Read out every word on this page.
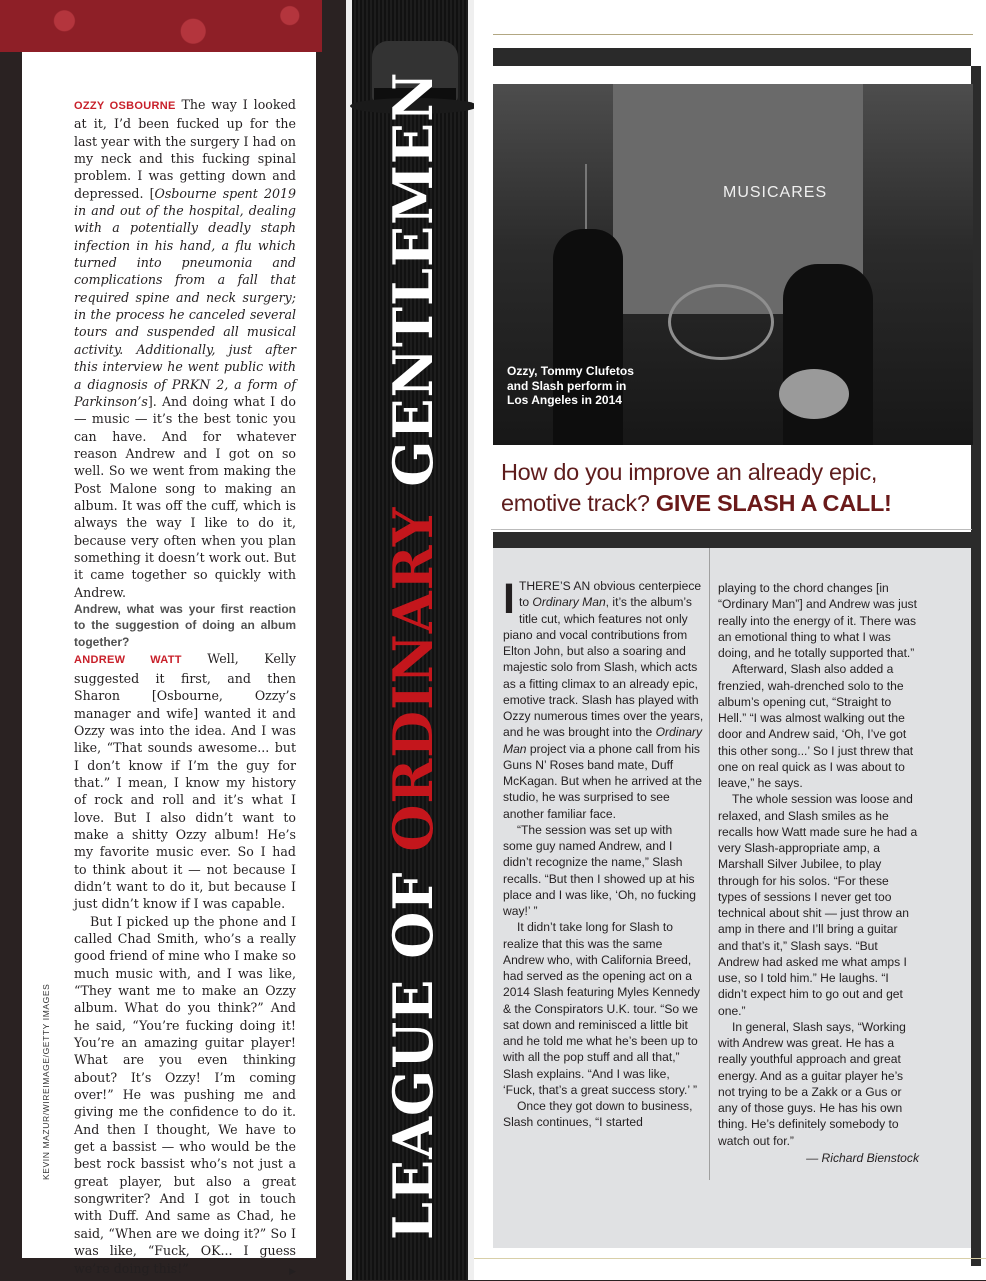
OZZY OSBOURNE The way I looked at it, I’d been fucked up for the last year with the surgery I had on my neck and this fucking spinal problem. I was getting down and depressed. [Osbourne spent 2019 in and out of the hospital, dealing with a potentially deadly staph infection in his hand, a flu which turned into pneumonia and complications from a fall that required spine and neck surgery; in the process he canceled several tours and suspended all musical activity. Additionally, just after this interview he went public with a diagnosis of PRKN 2, a form of Parkinson’s]. And doing what I do — music — it’s the best tonic you can have. And for whatever reason Andrew and I got on so well. So we went from making the Post Malone song to making an album. It was off the cuff, which is always the way I like to do it, because very often when you plan something it doesn’t work out. But it came together so quickly with Andrew.

Andrew, what was your first reaction to the suggestion of doing an album together?

ANDREW WATT Well, Kelly suggested it first, and then Sharon [Osbourne, Ozzy’s manager and wife] wanted it and Ozzy was into the idea. And I was like, “That sounds awesome... but I don’t know if I’m the guy for that.” I mean, I know my history of rock and roll and it’s what I love. But I also didn’t want to make a shitty Ozzy album! He’s my favorite music ever. So I had to think about it — not because I didn’t want to do it, but because I just didn’t know if I was capable.

But I picked up the phone and I called Chad Smith, who’s a really good friend of mine who I make so much music with, and I was like, “They want me to make an Ozzy album. What do you think?” And he said, “You’re fucking doing it! You’re an amazing guitar player! What are you even thinking about? It’s Ozzy! I’m coming over!” He was pushing me and giving me the confidence to do it. And then I thought, We have to get a bassist — who would be the best rock bassist who’s not just a great player, but also a great songwriter? And I got in touch with Duff. And same as Chad, he said, “When are we doing it?” So I was like, “Fuck, OK... I guess we’re doing this!”	▶

KEVIN MAZUR/WIREIMAGE/GETTY IMAGES	LEAGUE OF ORDINARY GENTLEMEN	MUSICARES
Ozzy, Tommy Clufetos and Slash perform in Los Angeles in 2014
How do you improve an already epic, emotive track? GIVE SLASH A CALL!

ITHERE’S AN obvious centerpiece to Ordinary Man, it’s the album’s title cut, which features not only piano and vocal contributions from Elton John, but also a soaring and majestic solo from Slash, which acts as a fitting climax to an already epic, emotive track. Slash has played with Ozzy numerous times over the years, and he was brought into the Ordinary Man project via a phone call from his Guns N’ Roses band mate, Duff McKagan. But when he arrived at the studio, he was surprised to see another familiar face.

“The session was set up with some guy named Andrew, and I didn’t recognize the name,” Slash recalls. “But then I showed up at his place and I was like, ‘Oh, no fucking way!’ ”

It didn’t take long for Slash to realize that this was the same Andrew who, with California Breed, had served as the opening act on a 2014 Slash featuring Myles Kennedy & the Conspirators U.K. tour. “So we sat down and reminisced a little bit and he told me what he’s been up to with all the pop stuff and all that,” Slash explains. “And I was like, ‘Fuck, that’s a great success story.’ ”

Once they got down to business, Slash continues, “I started

playing to the chord changes [in “Ordinary Man”] and Andrew was just really into the energy of it. There was an emotional thing to what I was doing, and he totally supported that.”

Afterward, Slash also added a frenzied, wah-drenched solo to the album’s opening cut, “Straight to Hell.” “I was almost walking out the door and Andrew said, ‘Oh, I’ve got this other song...’ So I just threw that one on real quick as I was about to leave,” he says.

The whole session was loose and relaxed, and Slash smiles as he recalls how Watt made sure he had a very Slash-appropriate amp, a Marshall Silver Jubilee, to play through for his solos. “For these types of sessions I never get too technical about shit — just throw an amp in there and I’ll bring a guitar and that’s it,” Slash says. “But Andrew had asked me what amps I use, so I told him.” He laughs. “I didn’t expect him to go out and get one.”

In general, Slash says, “Working with Andrew was great. He has a really youthful approach and great energy. And as a guitar player he’s not trying to be a Zakk or a Gus or any of those guys. He has his own thing. He’s definitely somebody to watch out for.”

— Richard Bienstock
